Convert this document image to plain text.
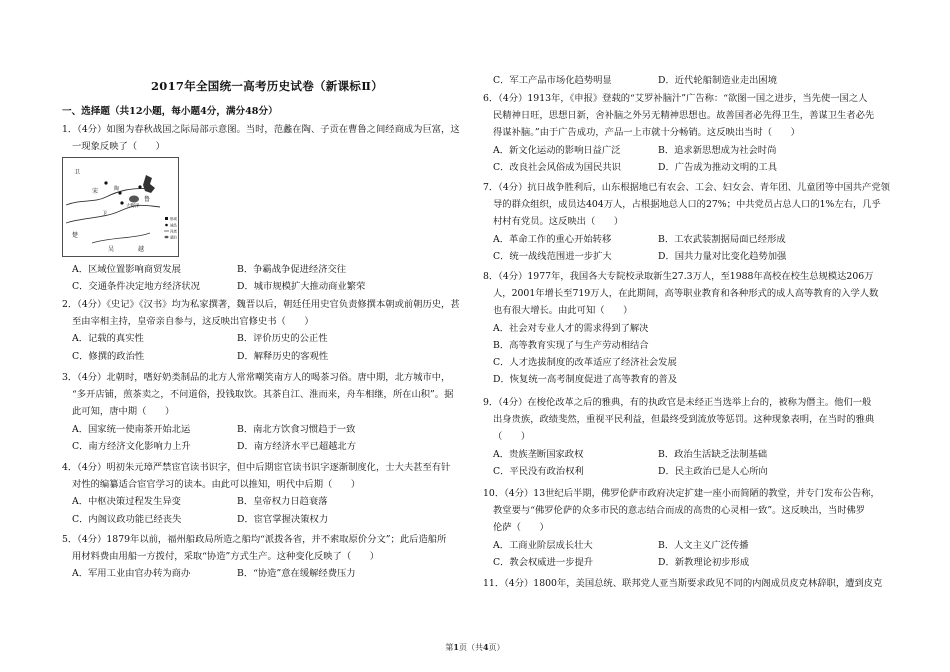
2017年全国统一高考历史试卷（新课标Ⅱ）
一、选择题（共12小题，每小题4分，满分48分）
1．（4分）如图为春秋战国之际局部示意图。当时，范蠡在陶、子贡在曹鲁之间经商成为巨富，这
一现象反映了（　　）
A．区域位置影响商贸发展	B．争霸战争促进经济交往
C．交通条件决定地方经济状况	D．城市规模扩大推动商业繁荣
2．（4分）《史记》《汉书》均为私家撰著，魏晋以后，朝廷任用史官负责修撰本朝或前朝历史，甚
至由宰相主持，皇帝亲自参与，这反映出官修史书（　　）
A．记载的真实性	B．评价历史的公正性
C．修撰的政治性	D．解释历史的客观性
3．（4分）北朝时，嗜好奶类制品的北方人常常嘲笑南方人的喝茶习俗。唐中期，北方城市中，
“多开店铺，煎茶卖之，不问道俗，投钱取饮。其茶自江、淮而来，舟车相继，所在山积”。据
此可知，唐中期（　　）
A．国家统一使南茶开始北运	B．南北方饮食习惯趋于一致
C．南方经济文化影响力上升	D．南方经济水平已超越北方
4．（4分）明初朱元璋严禁宦官读书识字，但中后期宦官读书识字逐渐制度化，士大夫甚至有针
对性的编纂适合宦官学习的读本。由此可以推知，明代中后期（　　）
A．中枢决策过程发生异变	B．皇帝权力日趋衰落
C．内阁议政功能已经丧失	D．宦官掌握决策权力
5．（4分）1879年以前，福州船政局所造之船均“派拨各省，并不索取原价分文”；此后造船所
用材料费由用船一方拨付，采取“协造”方式生产。这种变化反映了（　　）
A．军用工业由官办转为商办	B．“协造”意在缓解经费压力
卫
宋	陶
大野泽
鲁
卫
楚
吴	越
都城
城邑
河流
湖泊
C．军工产品市场化趋势明显	D．近代轮船制造业走出困境
6．（4分）1913年，《申报》登载的“艾罗补脑汁”广告称：“欲图一国之进步，当先使一国之人
民精神日旺，思想日新，舍补脑之外另无精神思想也。故善国者必先得卫生，善谋卫生者必先
得谋补脑。”由于广告成功，产品一上市就十分畅销。这反映出当时（　　）
A．新文化运动的影响日益广泛	B．追求新思想成为社会时尚
C．改良社会风俗成为国民共识	D．广告成为推动文明的工具
7．（4分）抗日战争胜利后，山东根据地已有农会、工会、妇女会、青年团、儿童团等中国共产党领
导的群众组织，成员达404万人，占根据地总人口的27%；中共党员占总人口的1%左右，几乎
村村有党员。这反映出（　　）
A．革命工作的重心开始转移	B．工农武装割据局面已经形成
C．统一战线范围进一步扩大	D．国共力量对比变化趋势加强
8．（4分）1977年，我国各大专院校录取新生27.3万人，至1988年高校在校生总规模达206万
人，2001年增长至719万人，在此期间，高等职业教育和各种形式的成人高等教育的入学人数
也有很大增长。由此可知（　　）
A．社会对专业人才的需求得到了解决
B．高等教育实现了与生产劳动相结合
C．人才选拔制度的改革适应了经济社会发展
D．恢复统一高考制度促进了高等教育的普及
9．（4分）在梭伦改革之后的雅典，有的执政官是未经正当选举上台的，被称为僭主。他们一般
出身贵族，政绩斐然，重视平民利益，但最终受到流放等惩罚。这种现象表明，在当时的雅典
（　　）
A．贵族垄断国家政权	B．政治生活缺乏法制基础
C．平民没有政治权利	D．民主政治已是人心所向
10．（4分）13世纪后半期，佛罗伦萨市政府决定扩建一座小而简陋的教堂，并专门发布公告称，
教堂要与“佛罗伦萨的众多市民的意志结合而成的高贵的心灵相一致”。这反映出，当时佛罗
伦萨（　　）
A．工商业阶层成长壮大	B．人文主义广泛传播
C．教会权威进一步提升	D．新教理论初步形成
11．（4分）1800年，美国总统、联邦党人亚当斯要求政见不同的内阁成员皮克林辞职，遭到皮克
第1页（共4页）
